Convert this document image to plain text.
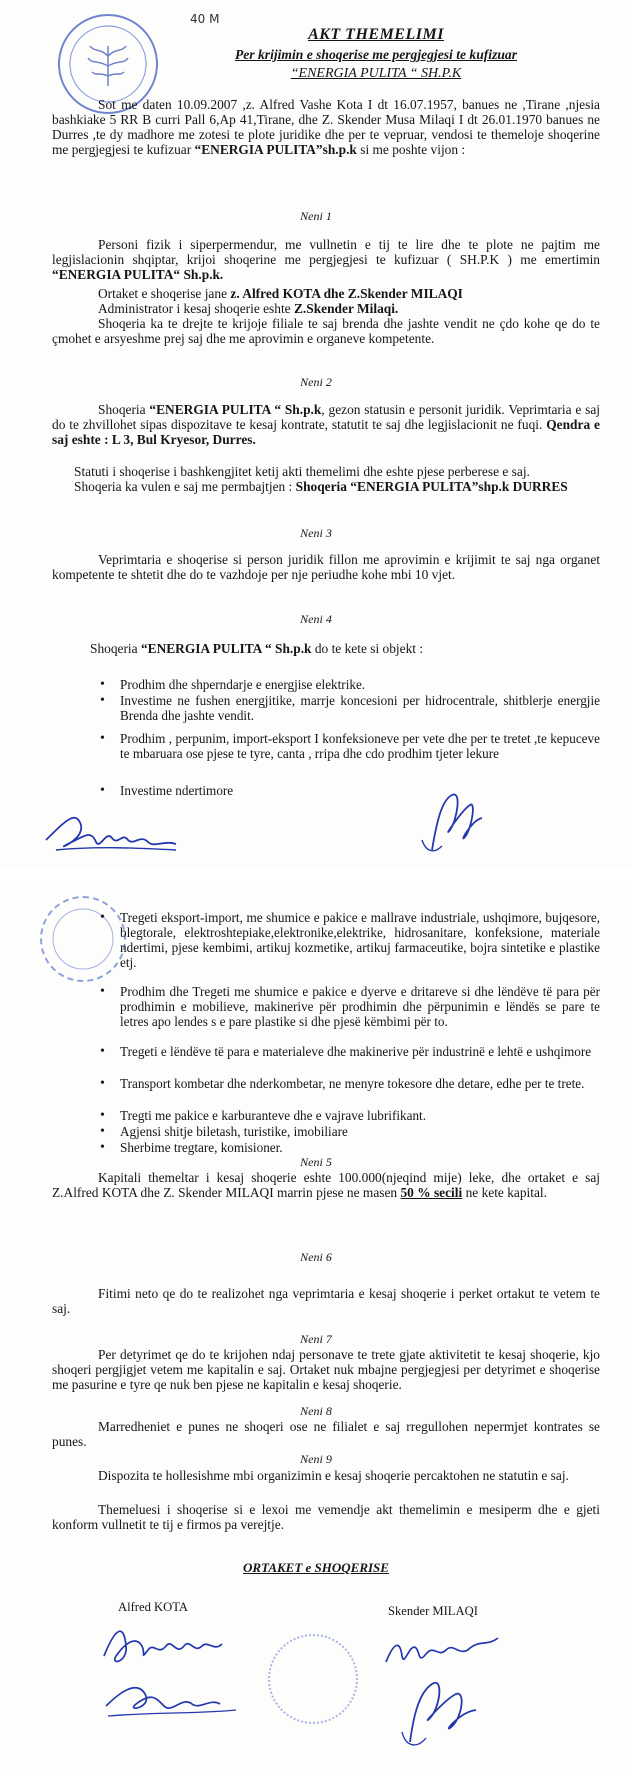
40 M
AKT THEMELIMI
Per krijimin e shoqerise me pergjegjesi te kufizuar
“ENERGIA PULITA “ SH.P.K
Sot me daten 10.09.2007 ,z. Alfred Vashe Kota I dt 16.07.1957, banues ne ,Tirane ,njesia bashkiake 5 RR B curri Pall 6,Ap 41,Tirane, dhe Z. Skender Musa Milaqi I dt 26.01.1970 banues ne Durres ,te dy madhore me zotesi te plote juridike dhe per te vepruar, vendosi te themeloje shoqerine me pergjegjesi te kufizuar “ENERGIA PULITA”sh.p.k si me poshte vijon :
Neni 1
Personi fizik i siperpermendur, me vullnetin e tij te lire dhe te plote ne pajtim me legjislacionin shqiptar, krijoi shoqerine me pergjegjesi te kufizuar ( SH.P.K ) me emertimin “ENERGIA PULITA“ Sh.p.k.
Ortaket e shoqerise jane z. Alfred KOTA dhe Z.Skender MILAQI
Administrator i kesaj shoqerie eshte Z.Skender Milaqi.
Shoqeria ka te drejte te krijoje filiale te saj brenda dhe jashte vendit ne çdo kohe qe do te çmohet e arsyeshme prej saj dhe me aprovimin e organeve kompetente.
Neni 2
Shoqeria “ENERGIA PULITA “ Sh.p.k, gezon statusin e personit juridik. Veprimtaria e saj do te zhvillohet sipas dispozitave te kesaj kontrate, statutit te saj dhe legjislacionit ne fuqi. Qendra e saj eshte : L 3, Bul Kryesor, Durres.
Statuti i shoqerise i bashkengjitet ketij akti themelimi dhe eshte pjese perberese e saj.
Shoqeria ka vulen e saj me permbajtjen : Shoqeria “ENERGIA PULITA”shp.k DURRES
Neni 3
Veprimtaria e shoqerise si person juridik fillon me aprovimin e krijimit te saj nga organet kompetente te shtetit dhe do te vazhdoje per nje periudhe kohe mbi 10 vjet.
Neni 4
Shoqeria “ENERGIA PULITA “ Sh.p.k do te kete si objekt :
• Prodhim dhe shperndarje e energjise elektrike.
• Investime ne fushen energjitike, marrje koncesioni per hidrocentrale, shitblerje energjie Brenda dhe jashte vendit.
• Prodhim , perpunim, import-eksport I konfeksioneve per vete dhe per te tretet ,te kepuceve te mbaruara ose pjese te tyre, canta , rripa dhe cdo prodhim tjeter lekure
• Investime ndertimore
• Tregeti eksport-import, me shumice e pakice e mallrave industriale, ushqimore, bujqesore, blegtorale, elektroshtepiake,elektronike,elektrike, hidrosanitare, konfeksione, materiale ndertimi, pjese kembimi, artikuj kozmetike, artikuj farmaceutike, bojra sintetike e plastike etj.
• Prodhim dhe Tregeti me shumice e pakice e dyerve e dritareve si dhe lëndëve të para për prodhimin e mobilieve, makinerive për prodhimin dhe përpunimin e lëndës se pare te letres apo lendes s e pare plastike si dhe pjesë këmbimi për to.
• Tregeti e lëndëve të para e materialeve dhe makinerive për industrinë e lehtë e ushqimore
• Transport kombetar dhe nderkombetar, ne menyre tokesore dhe detare, edhe per te trete.
• Tregti me pakice e karburanteve dhe e vajrave lubrifikant.
• Agjensi shitje biletash, turistike, imobiliare
• Sherbime tregtare, komisioner.
Neni 5
Kapitali themeltar i kesaj shoqerie eshte 100.000(njeqind mije) leke, dhe ortaket e saj Z.Alfred KOTA dhe Z. Skender MILAQI marrin pjese ne masen 50 % secili ne kete kapital.
Neni 6
Fitimi neto qe do te realizohet nga veprimtaria e kesaj shoqerie i perket ortakut te vetem te saj.
Neni 7
Per detyrimet qe do te krijohen ndaj personave te trete gjate aktivitetit te kesaj shoqerie, kjo shoqeri pergjigjet vetem me kapitalin e saj. Ortaket nuk mbajne pergjegjesi per detyrimet e shoqerise me pasurine e tyre qe nuk ben pjese ne kapitalin e kesaj shoqerie.
Neni 8
Marredheniet e punes ne shoqeri ose ne filialet e saj rregullohen nepermjet kontrates se punes.
Neni 9
Dispozita te hollesishme mbi organizimin e kesaj shoqerie percaktohen ne statutin e saj.
Themeluesi i shoqerise si e lexoi me vemendje akt themelimin e mesiperm dhe e gjeti konform vullnetit te tij e firmos pa verejtje.
ORTAKET e SHOQERISE
Alfred KOTA	Skender MILAQI
